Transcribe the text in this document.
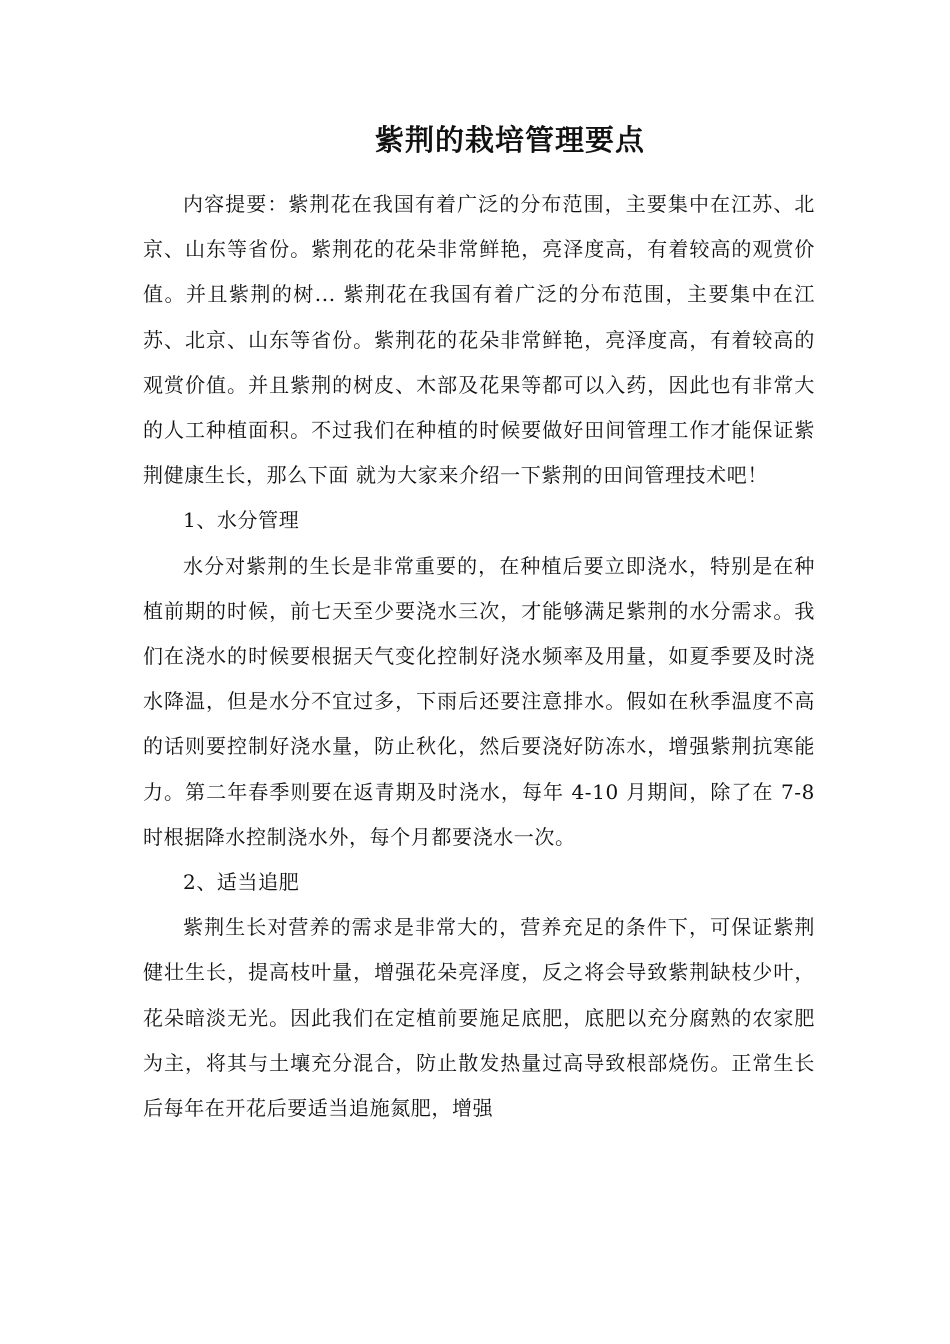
紫荆的栽培管理要点

内容提要：紫荆花在我国有着广泛的分布范围，主要集中在江苏、北京、山东等省份。紫荆花的花朵非常鲜艳，亮泽度高，有着较高的观赏价值。并且紫荆的树... 紫荆花在我国有着广泛的分布范围，主要集中在江苏、北京、山东等省份。紫荆花的花朵非常鲜艳，亮泽度高，有着较高的观赏价值。并且紫荆的树皮、木部及花果等都可以入药，因此也有非常大的人工种植面积。不过我们在种植的时候要做好田间管理工作才能保证紫荆健康生长，那么下面 就为大家来介绍一下紫荆的田间管理技术吧！

1、水分管理

水分对紫荆的生长是非常重要的，在种植后要立即浇水，特别是在种植前期的时候，前七天至少要浇水三次，才能够满足紫荆的水分需求。我们在浇水的时候要根据天气变化控制好浇水频率及用量，如夏季要及时浇水降温，但是水分不宜过多，下雨后还要注意排水。假如在秋季温度不高的话则要控制好浇水量，防止秋化，然后要浇好防冻水，增强紫荆抗寒能力。第二年春季则要在返青期及时浇水，每年 4-10 月期间，除了在 7-8 时根据降水控制浇水外，每个月都要浇水一次。

2、适当追肥

紫荆生长对营养的需求是非常大的，营养充足的条件下，可保证紫荆健壮生长，提高枝叶量，增强花朵亮泽度，反之将会导致紫荆缺枝少叶，花朵暗淡无光。因此我们在定植前要施足底肥，底肥以充分腐熟的农家肥为主，将其与土壤充分混合，防止散发热量过高导致根部烧伤。正常生长后每年在开花后要适当追施氮肥，增强
